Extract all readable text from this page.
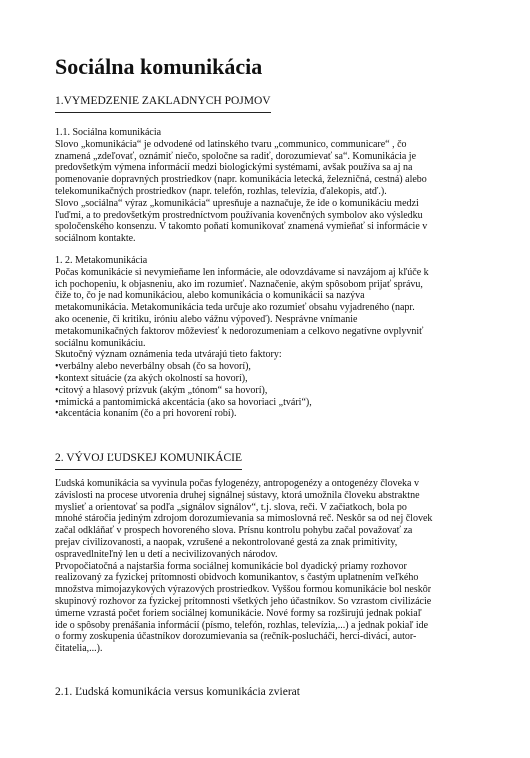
Sociálna komunikácia
1.VYMEDZENIE ZAKLADNYCH POJMOV
1.1. Sociálna komunikácia
Slovo „komunikácia“ je odvodené od latinského tvaru „communico, communicare“ , čo
znamená „zdeľovať, oznámiť niečo, spoločne sa radiť, dorozumievať sa“. Komunikácia je
predovšetkým výmena informácií medzi biologickými systémami, avšak používa sa aj na
pomenovanie dopravných prostriedkov (napr. komunikácia letecká, železničná, cestná) alebo
telekomunikačných prostriedkov (napr. telefón, rozhlas, televízia, ďalekopis, atď.).
Slovo „sociálna“ výraz „komunikácia“ upresňuje a naznačuje, že ide o komunikáciu medzi
ľuďmi, a to predovšetkým prostredníctvom používania kovenčných symbolov ako výsledku
spoločenského konsenzu. V takomto poňatí komunikovať znamená vymieňať si informácie v
sociálnom kontakte.
1. 2. Metakomunikácia
Počas komunikácie si nevymieňame len informácie, ale odovzdávame si navzájom aj kľúče k
ich pochopeniu, k objasneniu, ako im rozumieť. Naznačenie, akým spôsobom prijať správu,
čiže to, čo je nad komunikáciou, alebo komunikácia o komunikácii sa nazýva
metakomunikácia. Metakomunikácia teda určuje ako rozumieť obsahu vyjadreného (napr.
ako ocenenie, či kritiku, iróniu alebo vážnu výpoveď). Nesprávne vnímanie
metakomunikačných faktorov môževiesť k nedorozumeniam a celkovo negatívne ovplyvniť
sociálnu komunikáciu.
Skutočný význam oznámenia teda utvárajú tieto faktory:
•verbálny alebo neverbálny obsah (čo sa hovorí),
•kontext situácie (za akých okolností sa hovorí),
•citový a hlasový prízvuk (akým „tónom“ sa hovorí),
•mimická a pantomimická akcentácia (ako sa hovoriaci „tvári“),
•akcentácia konaním (čo a pri hovorení robí).
2. VÝVOJ ĽUDSKEJ KOMUNIKÁCIE
Ľudská komunikácia sa vyvinula počas fylogenézy, antropogenézy a ontogenézy človeka v
závislosti na procese utvorenia druhej signálnej sústavy, ktorá umožnila človeku abstraktne
myslieť a orientovať sa podľa „signálov signálov“, t.j. slova, reči. V začiatkoch, bola po
mnohé stáročia jediným zdrojom dorozumievania sa mimoslovná reč. Neskôr sa od nej človek
začal odkláňať v prospech hovoreného slova. Prísnu kontrolu pohybu začal považovať za
prejav civilizovanosti, a naopak, vzrušené a nekontrolované gestá za znak primitivity,
ospravedlniteľný len u detí a necivilizovaných národov.
Prvopočiatočná a najstaršia forma sociálnej komunikácie bol dyadický priamy rozhovor
realizovaný za fyzickej prítomnosti obidvoch komunikantov, s častým uplatnením veľkého
množstva mimojazykových výrazových prostriedkov. Vyššou formou komunikácie bol neskôr
skupinový rozhovor za fyzickej prítomnosti všetkých jeho účastníkov. So vzrastom civilizácie
úmerne vzrastá počet foriem sociálnej komunikácie. Nové formy sa rozširujú jednak pokiaľ
ide o spôsoby prenášania informácií (písmo, telefón, rozhlas, televízia,...) a jednak pokiaľ ide
o formy zoskupenia účastníkov dorozumievania sa (rečník-poslucháči, herci-diváci, autor-
čitatelia,...).
2.1. Ľudská komunikácia versus komunikácia zvierat
